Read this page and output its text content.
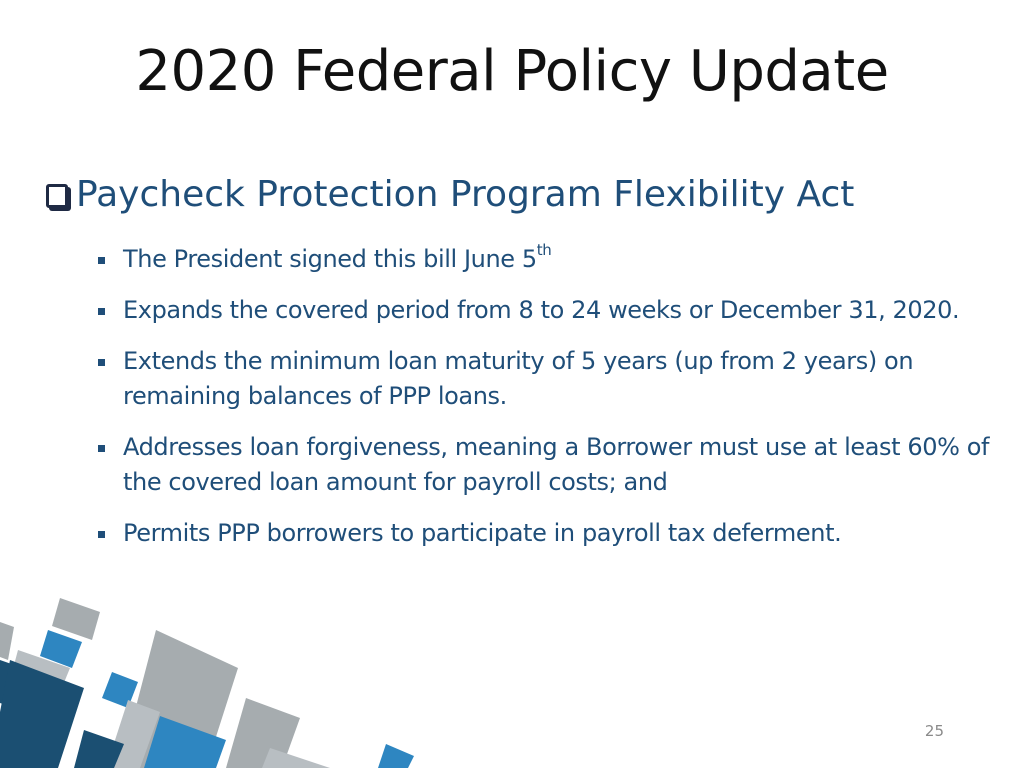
2020 Federal Policy Update
Paycheck Protection Program Flexibility Act
The President signed this bill June 5th
Expands the covered period from 8 to 24 weeks or December 31, 2020.
Extends the minimum loan maturity of 5 years (up from 2 years) on remaining balances of PPP loans.
Addresses loan forgiveness, meaning a Borrower must use at least 60% of the covered loan amount for payroll costs; and
Permits PPP borrowers to participate in payroll tax deferment.
25
